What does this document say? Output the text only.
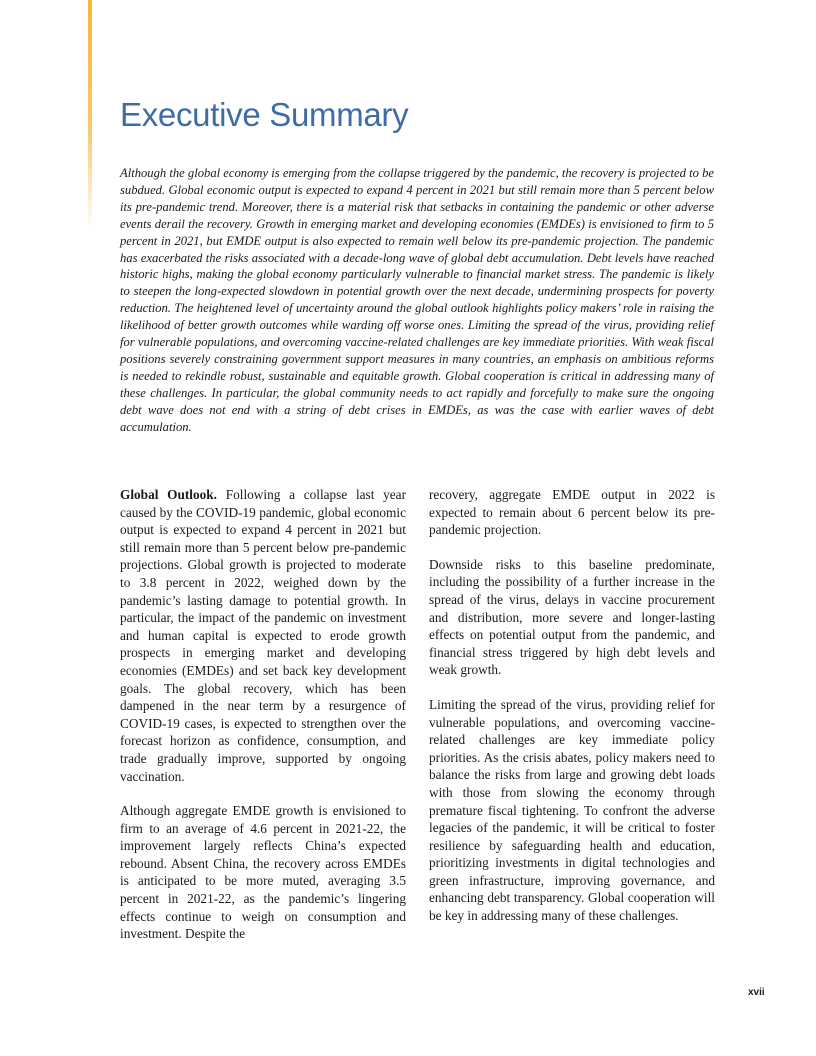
Executive Summary

Although the global economy is emerging from the collapse triggered by the pandemic, the recovery is projected to be subdued. Global economic output is expected to expand 4 percent in 2021 but still remain more than 5 percent below its pre-pandemic trend. Moreover, there is a material risk that setbacks in containing the pandemic or other adverse events derail the recovery. Growth in emerging market and developing economies (EMDEs) is envisioned to firm to 5 percent in 2021, but EMDE output is also expected to remain well below its pre-pandemic projection. The pandemic has exacerbated the risks associated with a decade-long wave of global debt accumulation. Debt levels have reached historic highs, making the global economy particularly vulnerable to financial market stress. The pandemic is likely to steepen the long-expected slowdown in potential growth over the next decade, undermining prospects for poverty reduction. The heightened level of uncertainty around the global outlook highlights policy makers’ role in raising the likelihood of better growth outcomes while warding off worse ones. Limiting the spread of the virus, providing relief for vulnerable populations, and overcoming vaccine-related challenges are key immediate priorities. With weak fiscal positions severely constraining government support measures in many countries, an emphasis on ambitious reforms is needed to rekindle robust, sustainable and equitable growth. Global cooperation is critical in addressing many of these challenges. In particular, the global community needs to act rapidly and forcefully to make sure the ongoing debt wave does not end with a string of debt crises in EMDEs, as was the case with earlier waves of debt accumulation.

Global Outlook. Following a collapse last year caused by the COVID-19 pandemic, global economic output is expected to expand 4 percent in 2021 but still remain more than 5 percent below pre-pandemic projections. Global growth is projected to moderate to 3.8 percent in 2022, weighed down by the pandemic’s lasting damage to potential growth. In particular, the impact of the pandemic on investment and human capital is expected to erode growth prospects in emerging market and developing economies (EMDEs) and set back key development goals. The global recovery, which has been dampened in the near term by a resurgence of COVID-19 cases, is expected to strengthen over the forecast horizon as confidence, consumption, and trade gradually improve, supported by ongoing vaccination.

Although aggregate EMDE growth is envisioned to firm to an average of 4.6 percent in 2021-22, the improvement largely reflects China’s expected rebound. Absent China, the recovery across EMDEs is anticipated to be more muted, averaging 3.5 percent in 2021-22, as the pandemic’s lingering effects continue to weigh on consumption and investment. Despite the

recovery, aggregate EMDE output in 2022 is expected to remain about 6 percent below its pre-pandemic projection.

Downside risks to this baseline predominate, including the possibility of a further increase in the spread of the virus, delays in vaccine procurement and distribution, more severe and longer-lasting effects on potential output from the pandemic, and financial stress triggered by high debt levels and weak growth.

Limiting the spread of the virus, providing relief for vulnerable populations, and overcoming vaccine-related challenges are key immediate policy priorities. As the crisis abates, policy makers need to balance the risks from large and growing debt loads with those from slowing the economy through premature fiscal tightening. To confront the adverse legacies of the pandemic, it will be critical to foster resilience by safeguarding health and education, prioritizing investments in digital technologies and green infrastructure, improving governance, and enhancing debt transparency. Global cooperation will be key in addressing many of these challenges.

xvii
